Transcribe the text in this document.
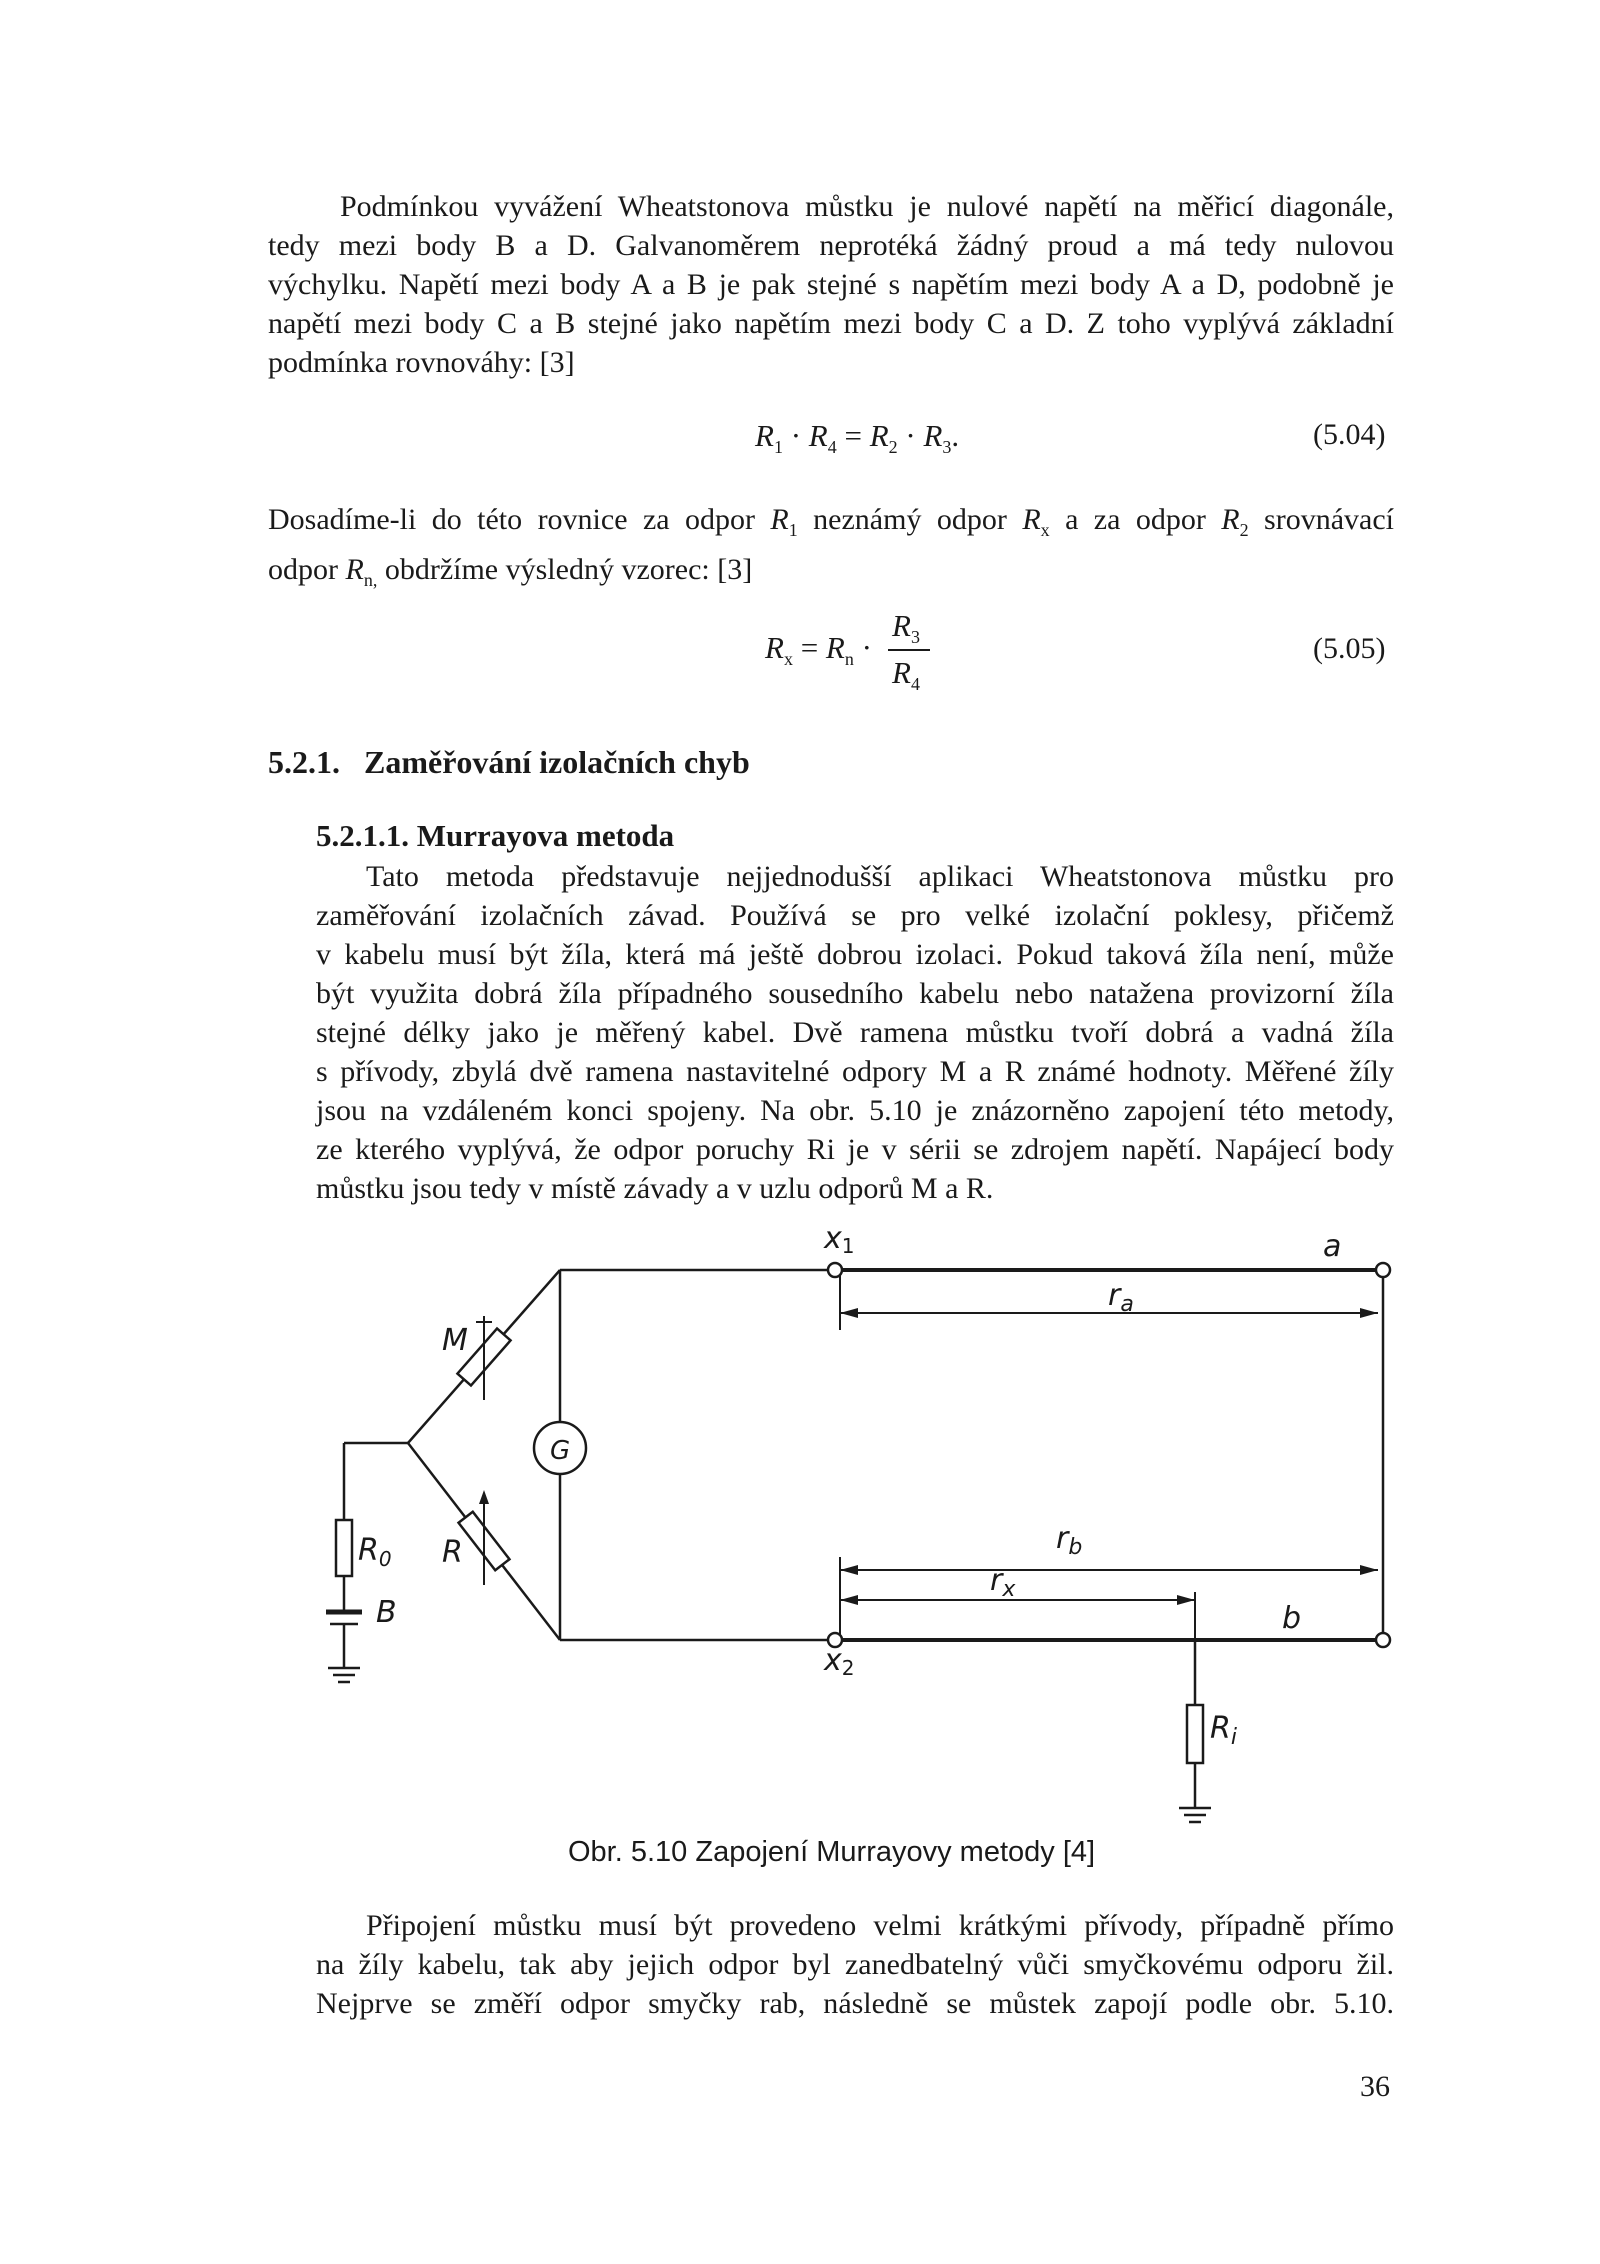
Podmínkou vyvážení Wheatstonova můstku je nulové napětí na měřicí diagonále,
tedy mezi body B a D. Galvanoměrem neprotéká žádný proud a má tedy nulovou
výchylku. Napětí mezi body A a B je pak stejné s napětím mezi body A a D, podobně je
napětí mezi body C a B stejné jako napětím mezi body C a D. Z toho vyplývá základní
podmínka rovnováhy: [3]
$R_1 \cdot R_4 = R_2 \cdot R_3$.	(5.04)
Dosadíme-li do této rovnice za odpor $R_1$ neznámý odpor $R_x$ a za odpor $R_2$ srovnávací
odpor $R_{n,}$ obdržíme výsledný vzorec: [3]
$R_x = R_n$ ·
$R_3$
$R_4$
(5.05)
5.2.1.   Zaměřování izolačních chyb
5.2.1.1. Murrayova metoda
Tato metoda představuje nejjednodušší aplikaci Wheatstonova můstku pro
zaměřování izolačních závad. Používá se pro velké izolační poklesy, přičemž
v kabelu musí být žíla, která má ještě dobrou izolaci. Pokud taková žíla není, může
být využita dobrá žíla případného sousedního kabelu nebo natažena provizorní žíla
stejné délky jako je měřený kabel. Dvě ramena můstku tvoří dobrá a vadná žíla
s přívody, zbylá dvě ramena nastavitelné odpory M a R známé hodnoty. Měřené žíly
jsou na vzdáleném konci spojeny. Na obr. 5.10 je znázorněno zapojení této metody,
ze kterého vyplývá, že odpor poruchy Ri je v sérii se zdrojem napětí. Napájecí body
můstku jsou tedy v místě závady a v uzlu odporů M a R.
x1	a
$r_a$
M
G
$R_0$ R
B
$r_b$
$r_x$
b
x2
$R_i$
Obr. 5.10 Zapojení Murrayovy metody [4]
Připojení můstku musí být provedeno velmi krátkými přívody, případně přímo
na žíly kabelu, tak aby jejich odpor byl zanedbatelný vůči smyčkovému odporu žil.
Nejprve se změří odpor smyčky rab, následně se můstek zapojí podle obr. 5.10.
36
